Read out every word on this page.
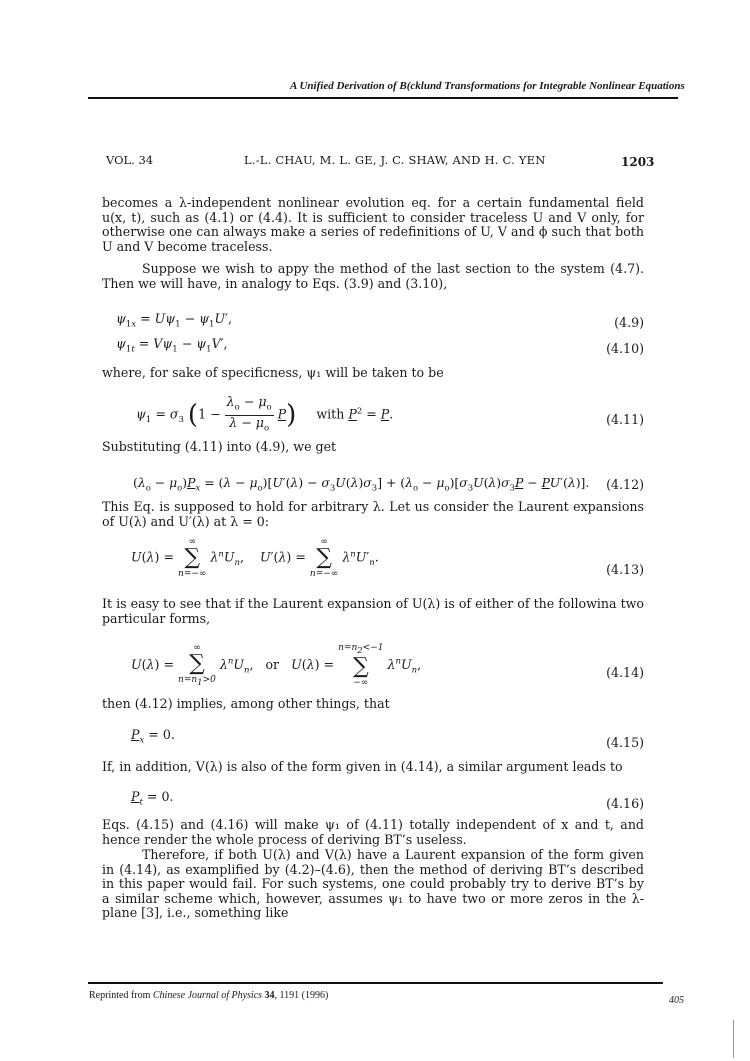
A Unified Derivation of B(cklund Transformations for Integrable Nonlinear Equations
VOL. 34	L.-L. CHAU, M. L. GE, J. C. SHAW, AND H. C. YEN	1203
becomes a λ-independent nonlinear evolution eq. for a certain fundamental field u(x, t), such as (4.1) or (4.4). It is sufficient to consider traceless U and V only, for otherwise one can always make a series of redefinitions of U, V and ϕ such that both U and V become traceless.
Suppose we wish to appy the method of the last section to the system (4.7). Then we will have, in analogy to Eqs. (3.9) and (3.10),
$\psi_{1x} = U\psi_1 - \psi_1U'$,	(4.9)
$\psi_{1t} = V\psi_1 - \psi_1V'$,	(4.10)
where, for sake of specificness, ψ₁ will be taken to be
$\psi_1 = \sigma_3$ $(1 - \frac{\lambda_o - \mu_o}{\lambda - \mu_o} P)$ with $P^2 = P$.	(4.11)
Substituting (4.11) into (4.9), we get
$(\lambda_o - \mu_o)P_x = (\lambda - \mu_o)[U'(\lambda) - \sigma_3U(\lambda)\sigma_3] + (\lambda_o - \mu_o)[\sigma_3U(\lambda)\sigma_3P - PU'(\lambda)]$. (4.12)
This Eq. is supposed to hold for arbitrary λ. Let us consider the Laurent expansions of U(λ) and U′(λ) at λ = 0:
U(λ) =
∞
∑
n=−∞
$\lambda^nU_n$,    U′(λ) =
∞
∑
n=−∞
$\lambda^nU'_n$.
(4.13)
It is easy to see that if the Laurent expansion of U(λ) is of either of the followina two particular forms,
U(λ) =
∞
∑
$n=n_1>0$
$\lambda^nU_n$,   or U(λ) =
$n=n_2<-1$
∑
−∞
$\lambda^nU_n$,
(4.14)
then (4.12) implies, among other things, that
$P_x = 0$.
(4.15)
If, in addition, V(λ) is also of the form given in (4.14), a similar argument leads to
$P_t = 0$.	(4.16)
Eqs. (4.15) and (4.16) will make ψ₁ of (4.11) totally independent of x and t, and hence render the whole process of deriving BT’s useless.
Therefore, if both U(λ) and V(λ) have a Laurent expansion of the form given in (4.14), as examplified by (4.2)–(4.6), then the method of deriving BT’s described in this paper would fail. For such systems, one could probably try to derive BT’s by a similar scheme which, however, assumes ψ₁ to have two or more zeros in the λ-plane [3], i.e., something like
Reprinted from Chinese Journal of Physics 34, 1191 (1996)	405
